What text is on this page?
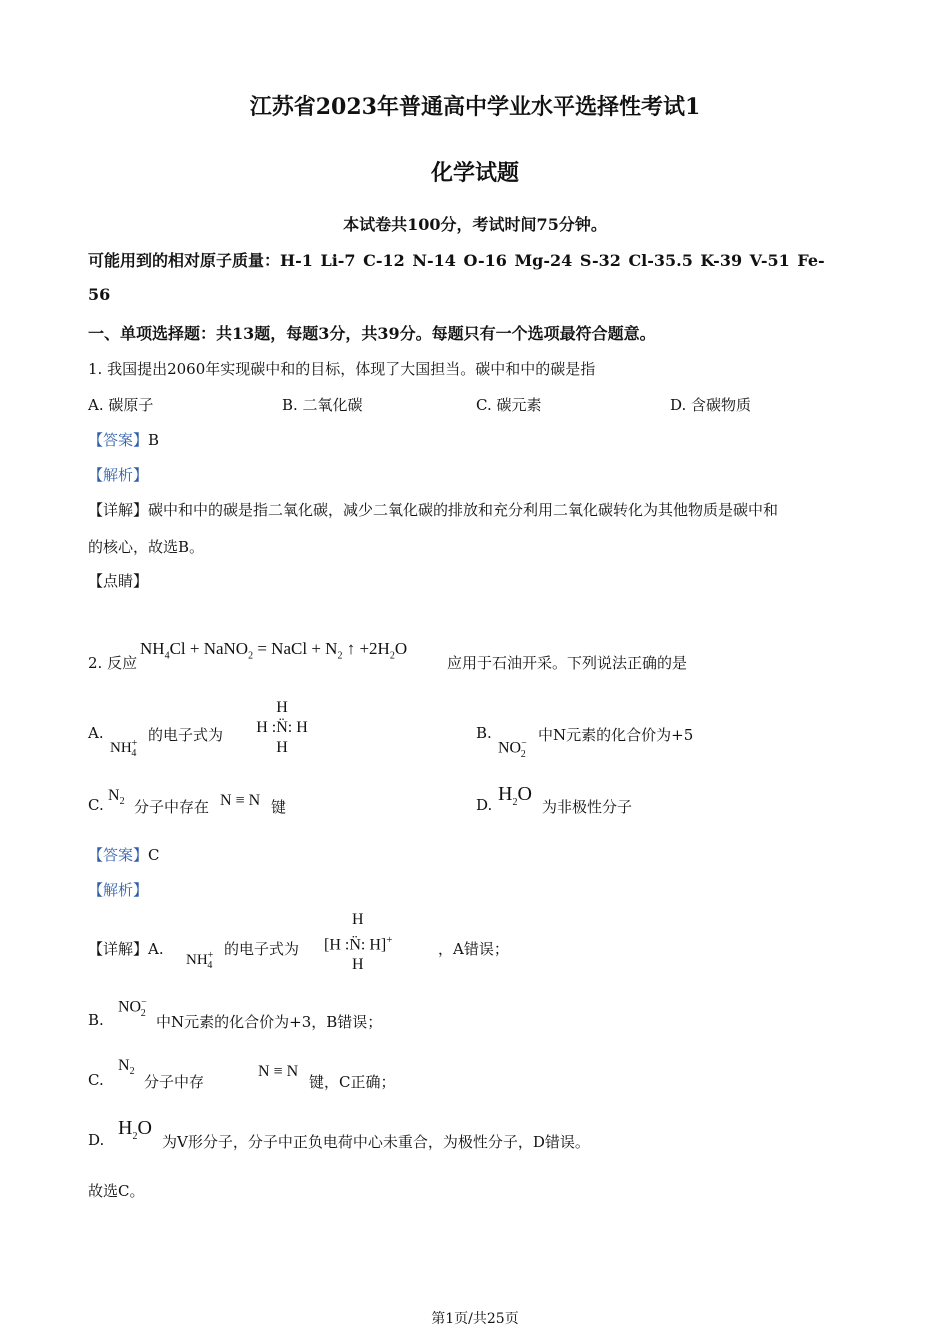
江苏省2023年普通高中学业水平选择性考试1
化学试题
本试卷共100分，考试时间75分钟。
可能用到的相对原子质量：H-1 Li-7 C-12 N-14 O-16 Mg-24 S-32 Cl-35.5 K-39 V-51 Fe-
56
一、单项选择题：共13题，每题3分，共39分。每题只有一个选项最符合题意。
1. 我国提出2060年实现碳中和的目标，体现了大国担当。碳中和中的碳是指
A. 碳原子	B. 二氧化碳	C. 碳元素	D. 含碳物质
【答案】B
【解析】
【详解】碳中和中的碳是指二氧化碳，减少二氧化碳的排放和充分利用二氧化碳转化为其他物质是碳中和
的核心，故选B。
【点睛】
2. 反应
$NH_4Cl$ + NaNO$_2$ = NaCl + $N_2$ ↑ $+2H_2O$
应用于石油开采。下列说法正确的是
A.
$NH^+_4$
的电子式为
H
H :N̈: H
H
B.
$NO^-_2$
中N元素的化合价为+5
C.
$N_2$ 分子中存在 N ≡ N 键	D. $H_2O$
为非极性分子
【答案】C
【解析】
【详解】A.
$NH^+_4$
的电子式为
H
[H :N̈: H]+
H
，A错误；
B.
$NO^-_2$ 中N元素的化合价为+3，B错误；
C.
$N_2$
分子中存
N ≡ N
键，C正确；
D.
$H_2O$
为V形分子，分子中正负电荷中心未重合，为极性分子，D错误。
故选C。
第1页/共25页
